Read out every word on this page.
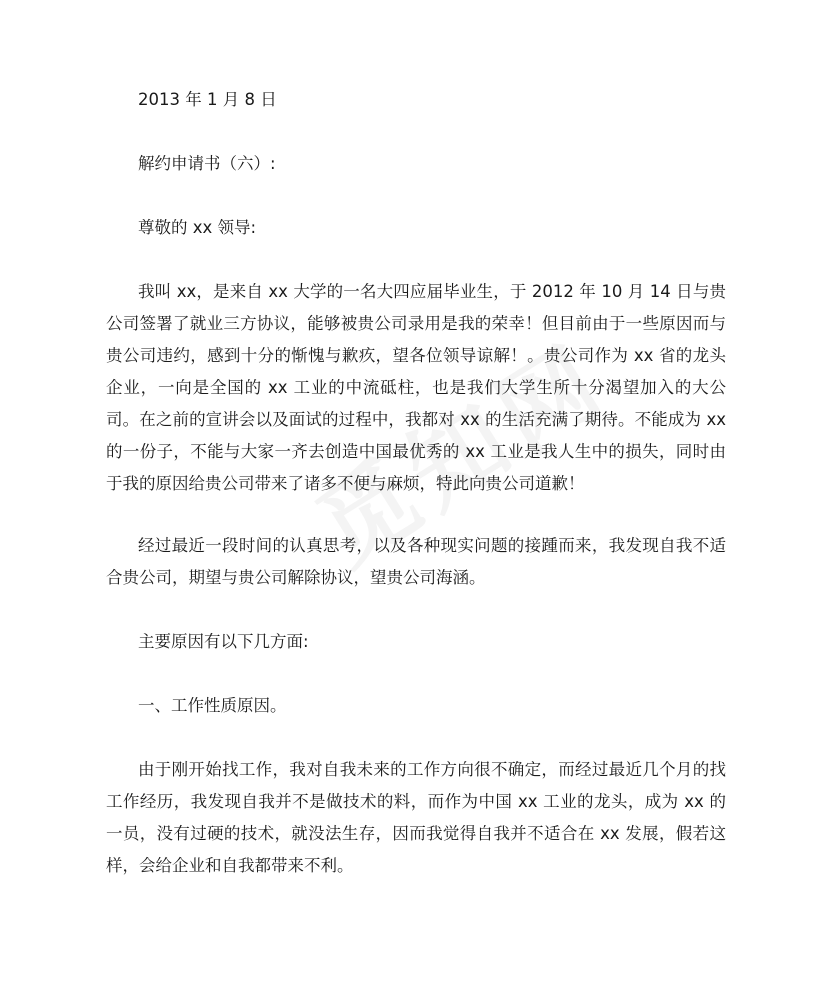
2013 年 1 月 8 日

解约申请书（六）:

尊敬的 xx 领导:

我叫 xx，是来自 xx 大学的一名大四应届毕业生，于 2012 年 10 月 14 日与贵公司签署了就业三方协议，能够被贵公司录用是我的荣幸！但目前由于一些原因而与贵公司违约，感到十分的惭愧与歉疚，望各位领导谅解！。贵公司作为 xx 省的龙头企业，一向是全国的 xx 工业的中流砥柱，也是我们大学生所十分渴望加入的大公司。在之前的宣讲会以及面试的过程中，我都对 xx 的生活充满了期待。不能成为 xx 的一份子，不能与大家一齐去创造中国最优秀的 xx 工业是我人生中的损失，同时由于我的原因给贵公司带来了诸多不便与麻烦，特此向贵公司道歉！

经过最近一段时间的认真思考，以及各种现实问题的接踵而来，我发现自我不适合贵公司，期望与贵公司解除协议，望贵公司海涵。

主要原因有以下几方面:

一、工作性质原因。

由于刚开始找工作，我对自我未来的工作方向很不确定，而经过最近几个月的找工作经历，我发现自我并不是做技术的料，而作为中国 xx 工业的龙头，成为 xx 的一员，没有过硬的技术，就没法生存，因而我觉得自我并不适合在 xx 发展，假若这样，会给企业和自我都带来不利。
